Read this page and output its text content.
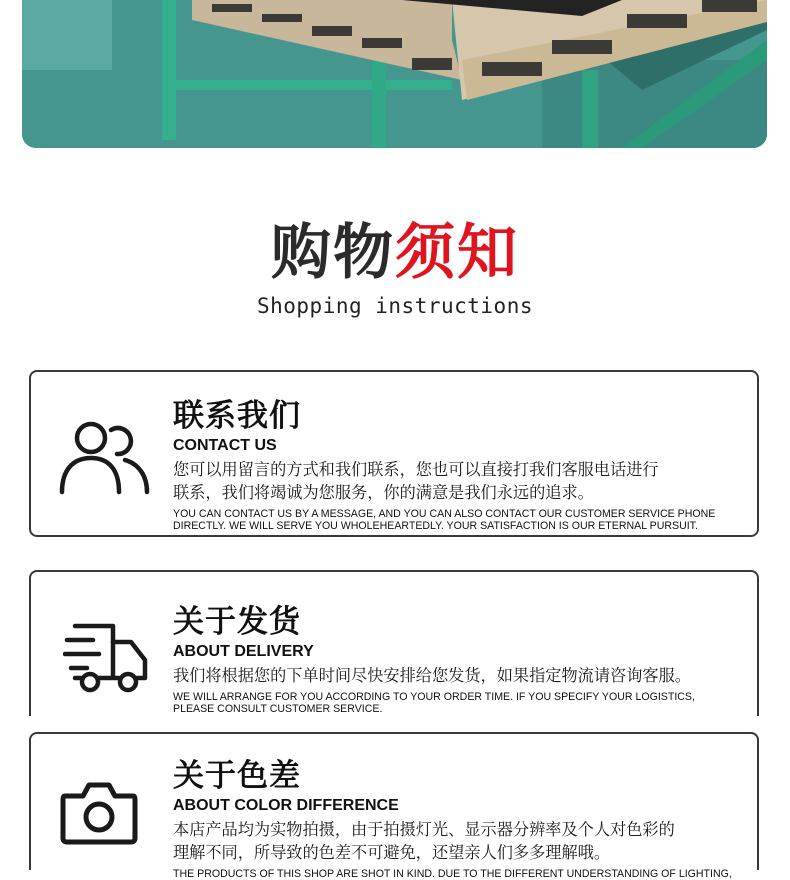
购物须知
Shopping instructions
联系我们
CONTACT US
您可以用留言的方式和我们联系，您也可以直接打我们客服电话进行
联系，我们将竭诚为您服务，你的满意是我们永远的追求。
YOU CAN CONTACT US BY A MESSAGE, AND YOU CAN ALSO CONTACT OUR CUSTOMER SERVICE PHONE
DIRECTLY. WE WILL SERVE YOU WHOLEHEARTEDLY. YOUR SATISFACTION IS OUR ETERNAL PURSUIT.
关于发货
ABOUT DELIVERY
我们将根据您的下单时间尽快安排给您发货，如果指定物流请咨询客服。
WE WILL ARRANGE FOR YOU ACCORDING TO YOUR ORDER TIME. IF YOU SPECIFY YOUR LOGISTICS,
PLEASE CONSULT CUSTOMER SERVICE.
关于色差
ABOUT COLOR DIFFERENCE
本店产品均为实物拍摄，由于拍摄灯光、显示器分辨率及个人对色彩的
理解不同，所导致的色差不可避免，还望亲人们多多理解哦。
THE PRODUCTS OF THIS SHOP ARE SHOT IN KIND. DUE TO THE DIFFERENT UNDERSTANDING OF LIGHTING,
